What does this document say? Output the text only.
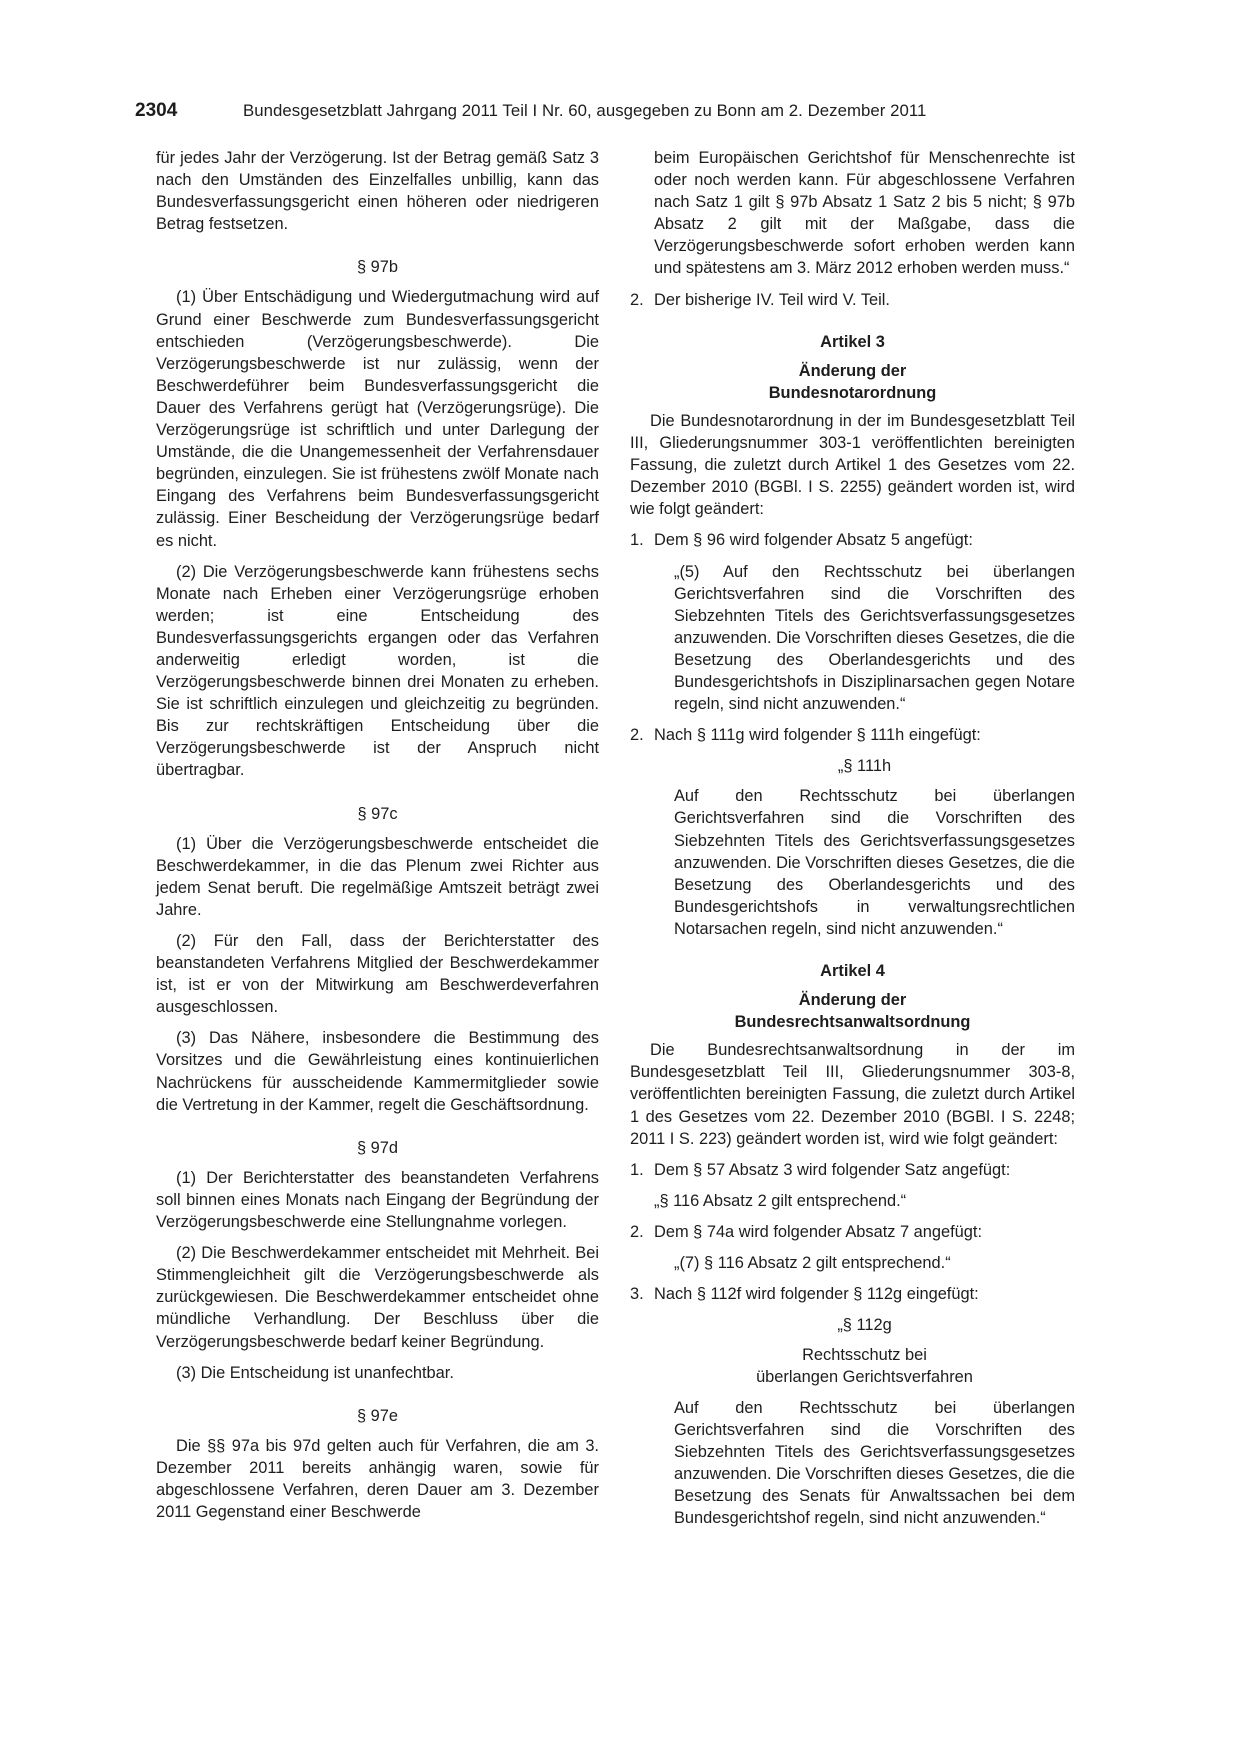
2304	Bundesgesetzblatt Jahrgang 2011 Teil I Nr. 60, ausgegeben zu Bonn am 2. Dezember 2011

für jedes Jahr der Verzögerung. Ist der Betrag gemäß Satz 3 nach den Umständen des Einzelfalles unbillig, kann das Bundesverfassungsgericht einen höheren oder niedrigeren Betrag festsetzen.

§ 97b

(1) Über Entschädigung und Wiedergutmachung wird auf Grund einer Beschwerde zum Bundesverfassungsgericht entschieden (Verzögerungsbeschwerde). Die Verzögerungsbeschwerde ist nur zulässig, wenn der Beschwerdeführer beim Bundesverfassungsgericht die Dauer des Verfahrens gerügt hat (Verzögerungsrüge). Die Verzögerungsrüge ist schriftlich und unter Darlegung der Umstände, die die Unangemessenheit der Verfahrensdauer begründen, einzulegen. Sie ist frühestens zwölf Monate nach Eingang des Verfahrens beim Bundesverfassungsgericht zulässig. Einer Bescheidung der Verzögerungsrüge bedarf es nicht.

(2) Die Verzögerungsbeschwerde kann frühestens sechs Monate nach Erheben einer Verzögerungsrüge erhoben werden; ist eine Entscheidung des Bundesverfassungsgerichts ergangen oder das Verfahren anderweitig erledigt worden, ist die Verzögerungsbeschwerde binnen drei Monaten zu erheben. Sie ist schriftlich einzulegen und gleichzeitig zu begründen. Bis zur rechtskräftigen Entscheidung über die Verzögerungsbeschwerde ist der Anspruch nicht übertragbar.

§ 97c

(1) Über die Verzögerungsbeschwerde entscheidet die Beschwerdekammer, in die das Plenum zwei Richter aus jedem Senat beruft. Die regelmäßige Amtszeit beträgt zwei Jahre.

(2) Für den Fall, dass der Berichterstatter des beanstandeten Verfahrens Mitglied der Beschwerdekammer ist, ist er von der Mitwirkung am Beschwerdeverfahren ausgeschlossen.

(3) Das Nähere, insbesondere die Bestimmung des Vorsitzes und die Gewährleistung eines kontinuierlichen Nachrückens für ausscheidende Kammermitglieder sowie die Vertretung in der Kammer, regelt die Geschäftsordnung.

§ 97d

(1) Der Berichterstatter des beanstandeten Verfahrens soll binnen eines Monats nach Eingang der Begründung der Verzögerungsbeschwerde eine Stellungnahme vorlegen.

(2) Die Beschwerdekammer entscheidet mit Mehrheit. Bei Stimmengleichheit gilt die Verzögerungsbeschwerde als zurückgewiesen. Die Beschwerdekammer entscheidet ohne mündliche Verhandlung. Der Beschluss über die Verzögerungsbeschwerde bedarf keiner Begründung.

(3) Die Entscheidung ist unanfechtbar.

§ 97e

Die §§ 97a bis 97d gelten auch für Verfahren, die am 3. Dezember 2011 bereits anhängig waren, sowie für abgeschlossene Verfahren, deren Dauer am 3. Dezember 2011 Gegenstand einer Beschwerde

beim Europäischen Gerichtshof für Menschenrechte ist oder noch werden kann. Für abgeschlossene Verfahren nach Satz 1 gilt § 97b Absatz 1 Satz 2 bis 5 nicht; § 97b Absatz 2 gilt mit der Maßgabe, dass die Verzögerungsbeschwerde sofort erhoben werden kann und spätestens am 3. März 2012 erhoben werden muss.“

2. Der bisherige IV. Teil wird V. Teil.
Artikel 3
Änderung der
Bundesnotarordnung

Die Bundesnotarordnung in der im Bundesgesetzblatt Teil III, Gliederungsnummer 303-1 veröffentlichten bereinigten Fassung, die zuletzt durch Artikel 1 des Gesetzes vom 22. Dezember 2010 (BGBl. I S. 2255) geändert worden ist, wird wie folgt geändert:

1. Dem § 96 wird folgender Absatz 5 angefügt:

„(5) Auf den Rechtsschutz bei überlangen Gerichtsverfahren sind die Vorschriften des Siebzehnten Titels des Gerichtsverfassungsgesetzes anzuwenden. Die Vorschriften dieses Gesetzes, die die Besetzung des Oberlandesgerichts und des Bundesgerichtshofs in Disziplinarsachen gegen Notare regeln, sind nicht anzuwenden.“

2. Nach § 111g wird folgender § 111h eingefügt:
„§ 111h

Auf den Rechtsschutz bei überlangen Gerichtsverfahren sind die Vorschriften des Siebzehnten Titels des Gerichtsverfassungsgesetzes anzuwenden. Die Vorschriften dieses Gesetzes, die die Besetzung des Oberlandesgerichts und des Bundesgerichtshofs in verwaltungsrechtlichen Notarsachen regeln, sind nicht anzuwenden.“

Artikel 4
Änderung der
Bundesrechtsanwaltsordnung

Die Bundesrechtsanwaltsordnung in der im Bundesgesetzblatt Teil III, Gliederungsnummer 303-8, veröffentlichten bereinigten Fassung, die zuletzt durch Artikel 1 des Gesetzes vom 22. Dezember 2010 (BGBl. I S. 2248; 2011 I S. 223) geändert worden ist, wird wie folgt geändert:

1. Dem § 57 Absatz 3 wird folgender Satz angefügt:

„§ 116 Absatz 2 gilt entsprechend.“

2. Dem § 74a wird folgender Absatz 7 angefügt:

„(7) § 116 Absatz 2 gilt entsprechend.“

3. Nach § 112f wird folgender § 112g eingefügt:
„§ 112g
Rechtsschutz bei
überlangen Gerichtsverfahren

Auf den Rechtsschutz bei überlangen Gerichtsverfahren sind die Vorschriften des Siebzehnten Titels des Gerichtsverfassungsgesetzes anzuwenden. Die Vorschriften dieses Gesetzes, die die Besetzung des Senats für Anwaltssachen bei dem Bundesgerichtshof regeln, sind nicht anzuwenden.“
